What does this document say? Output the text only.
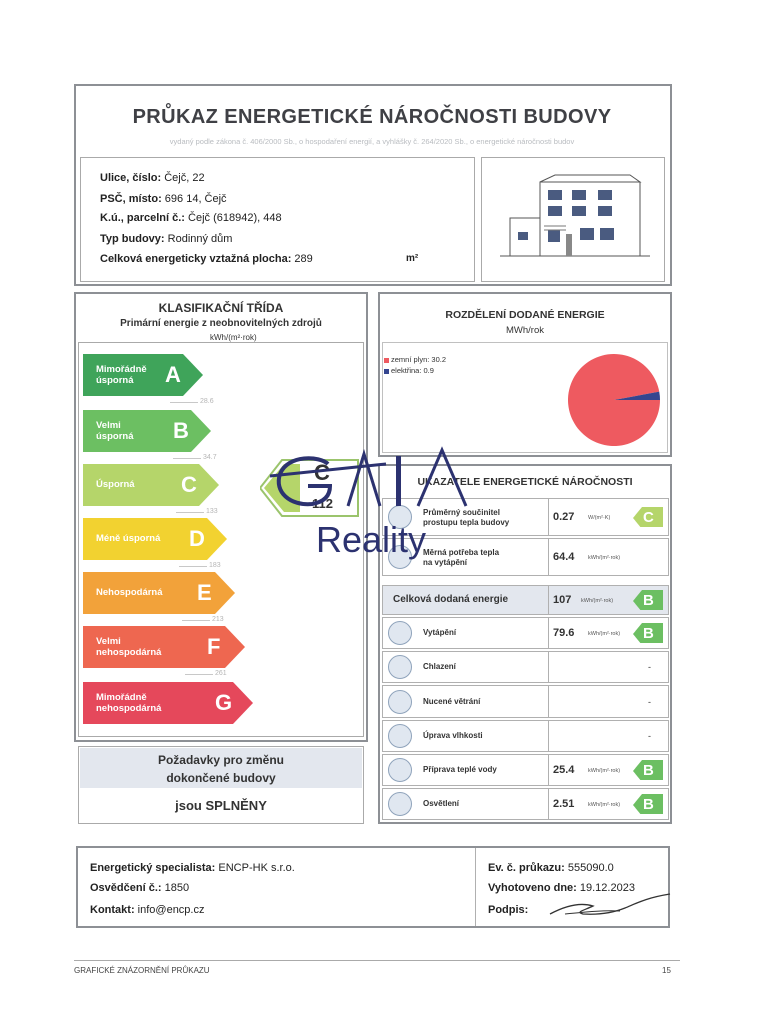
PRŮKAZ ENERGETICKÉ NÁROČNOSTI BUDOVY
vydaný podle zákona č. 406/2000 Sb., o hospodaření energií, a vyhlášky č. 264/2020 Sb., o energetické náročnosti budov
Ulice, číslo: Čejč, 22
PSČ, místo: 696 14, Čejč
K.ú., parcelní č.: Čejč (618942), 448
Typ budovy: Rodinný dům
Celková energeticky vztažná plocha: 289	m²
KLASIFIKAČNÍ TŘÍDA
Primární energie z neobnovitelných zdrojů
kWh/(m²·rok)
Mimořádně
úsporná	A
28.6
Velmi
úsporná B
34.7
Úsporná C
133
Méně úsporná D
183
Nehospodárná E
213
Velmi
nehospodárná F
261
Mimořádně
nehospodárná G
C
112
Požadavky pro změnu
dokončené budovy
jsou SPLNĚNY
ROZDĚLENÍ DODANÉ ENERGIE
MWh/rok
zemní plyn: 30.2
elektřina: 0.9
UKAZATELE ENERGETICKÉ NÁROČNOSTI
Průměrný součinitel
prostupu tepla budovy	0.27 W/(m²·K) C
Měrná potřeba tepla
na vytápění	64.4 kWh/(m²·rok)
Celková dodaná energie	107 kWh/(m²·rok) B
Vytápění	79.6 kWh/(m²·rok) B
Chlazení	-
Nucené větrání	-
Úprava vlhkosti	-
Příprava teplé vody	25.4 kWh/(m²·rok) B
Osvětlení	2.51 kWh/(m²·rok) B
Energetický specialista: ENCP-HK s.r.o.
Osvědčení č.: 1850
Kontakt: info@encp.cz
Ev. č. průkazu: 555090.0
Vyhotoveno dne: 19.12.2023
Podpis:
GRAFICKÉ ZNÁZORNĚNÍ PRŮKAZU	15
Reality
